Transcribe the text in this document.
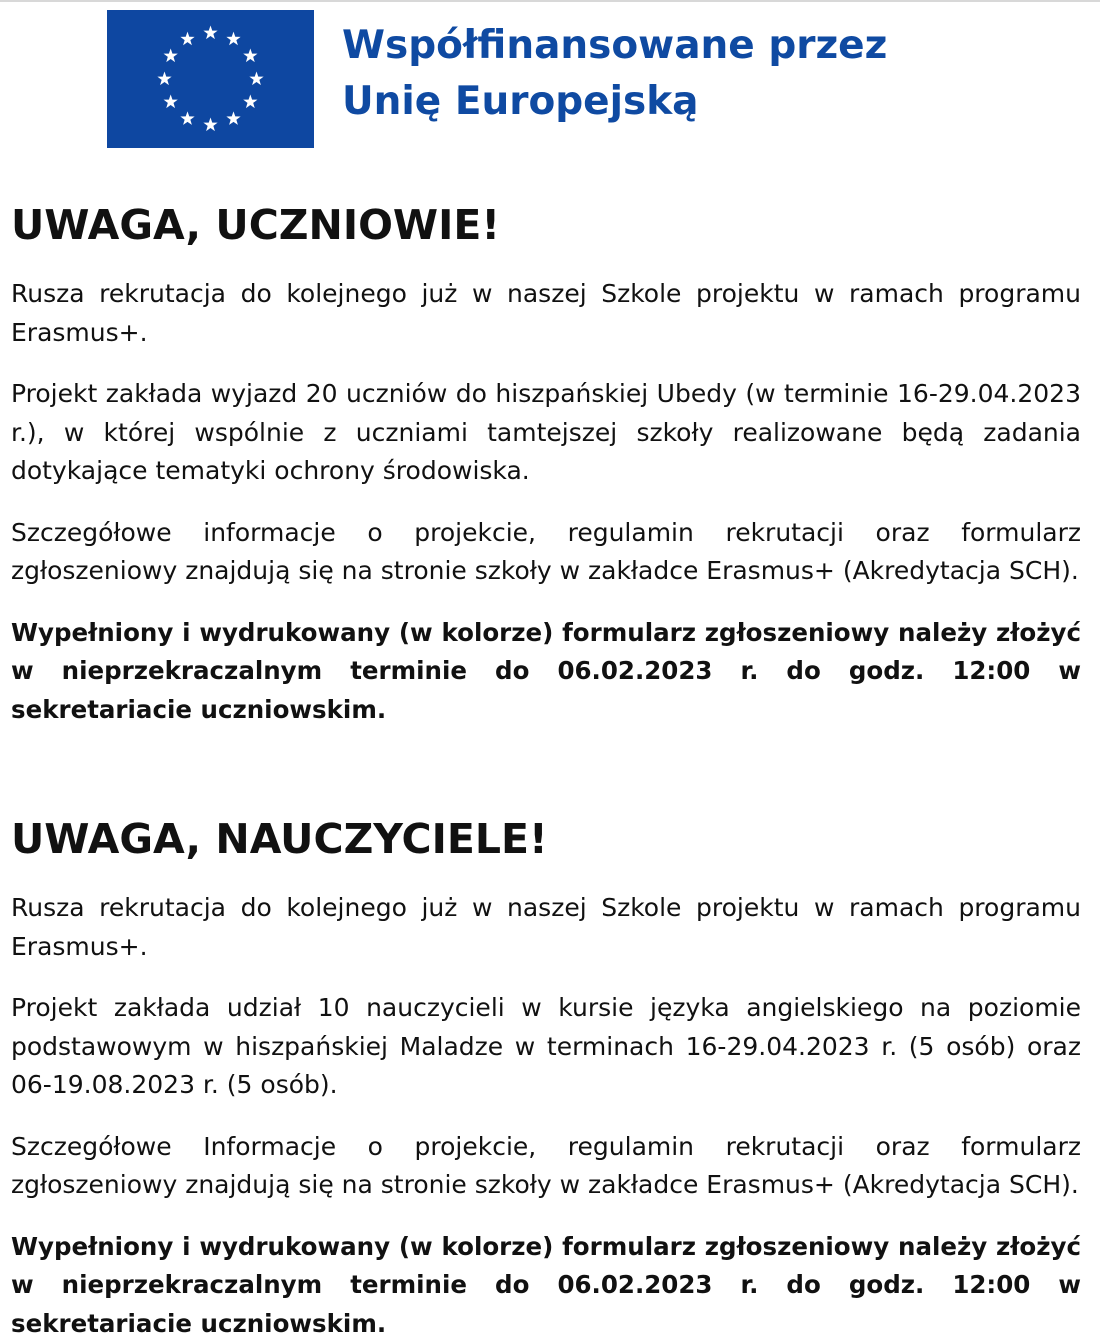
Współfinansowane przez
Unię Europejską
UWAGA, UCZNIOWIE!

Rusza rekrutacja do kolejnego już w naszej Szkole projektu w ramach programu Erasmus+.

Projekt zakłada wyjazd 20 uczniów do hiszpańskiej Ubedy (w terminie 16-29.04.2023 r.), w której wspólnie z uczniami tamtejszej szkoły realizowane będą zadania dotykające tematyki ochrony środowiska.

Szczegółowe informacje o projekcie, regulamin rekrutacji oraz formularz zgłoszeniowy znajdują się na stronie szkoły w zakładce Erasmus+ (Akredytacja SCH).

Wypełniony i wydrukowany (w kolorze) formularz zgłoszeniowy należy złożyć w nieprzekraczalnym terminie do 06.02.2023 r. do godz. 12:00 w sekretariacie uczniowskim.

UWAGA, NAUCZYCIELE!

Rusza rekrutacja do kolejnego już w naszej Szkole projektu w ramach programu Erasmus+.

Projekt zakłada udział 10 nauczycieli w kursie języka angielskiego na poziomie podstawowym w hiszpańskiej Maladze w terminach 16-29.04.2023 r. (5 osób) oraz 06-19.08.2023 r. (5 osób).

Szczegółowe Informacje o projekcie, regulamin rekrutacji oraz formularz zgłoszeniowy znajdują się na stronie szkoły w zakładce Erasmus+ (Akredytacja SCH).

Wypełniony i wydrukowany (w kolorze) formularz zgłoszeniowy należy złożyć w nieprzekraczalnym terminie do 06.02.2023 r. do godz. 12:00 w sekretariacie uczniowskim.
